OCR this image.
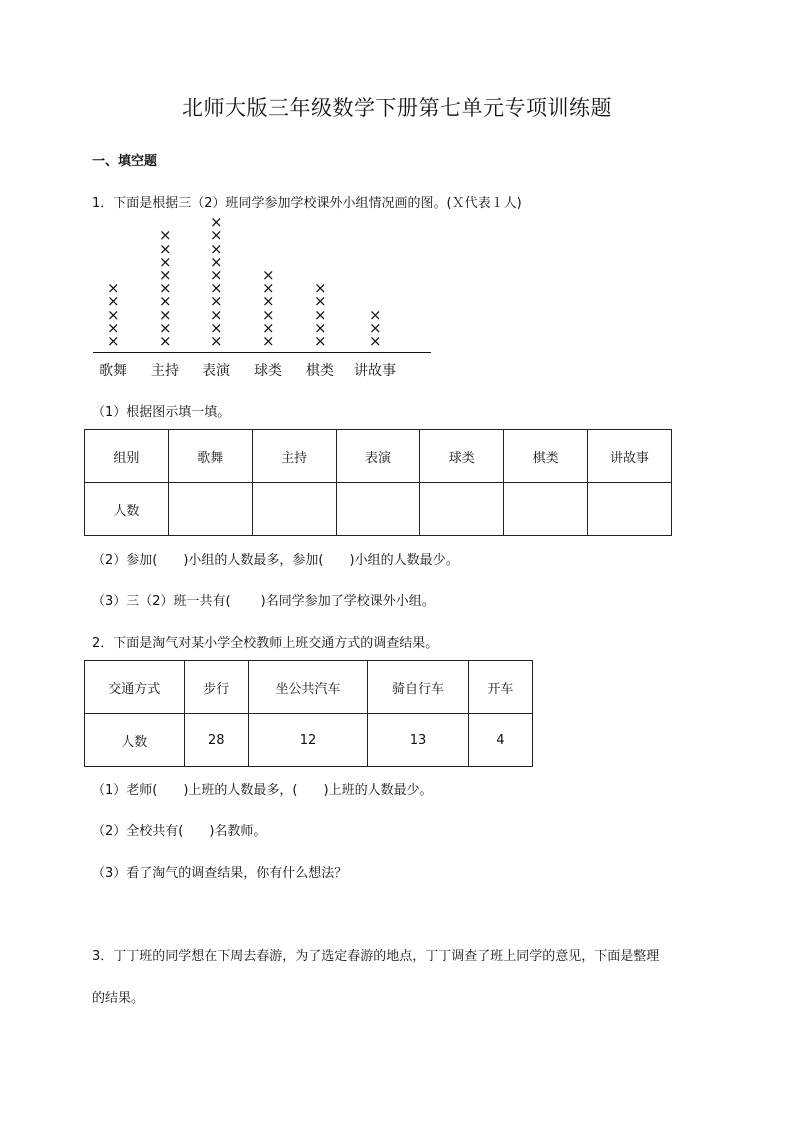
北师大版三年级数学下册第七单元专项训练题
一、填空题
1．下面是根据三（2）班同学参加学校课外小组情况画的图。(Ｘ代表１人)
×
×
×
×
×
×
×
×
×
×
×
×
×
×
×
×
×
×
×
×
×
×
×
×
×
×
×
×
×
×
×
×
×
×
×
×
×
×
歌舞	主持	表演	球类	棋类	讲故事
（1）根据图示填一填。
组别	歌舞	主持	表演	球类	棋类	讲故事
人数						
（2）参加( )小组的人数最多，参加( )小组的人数最少。
（3）三（2）班一共有( )名同学参加了学校课外小组。
2．下面是淘气对某小学全校教师上班交通方式的调查结果。
交通方式	步行	坐公共汽车	骑自行车	开车
人数	28	12	13	4
（1）老师( )上班的人数最多，( )上班的人数最少。
（2）全校共有( )名教师。
（3）看了淘气的调查结果，你有什么想法？
3．丁丁班的同学想在下周去春游，为了选定春游的地点，丁丁调查了班上同学的意见，下面是整理
的结果。
